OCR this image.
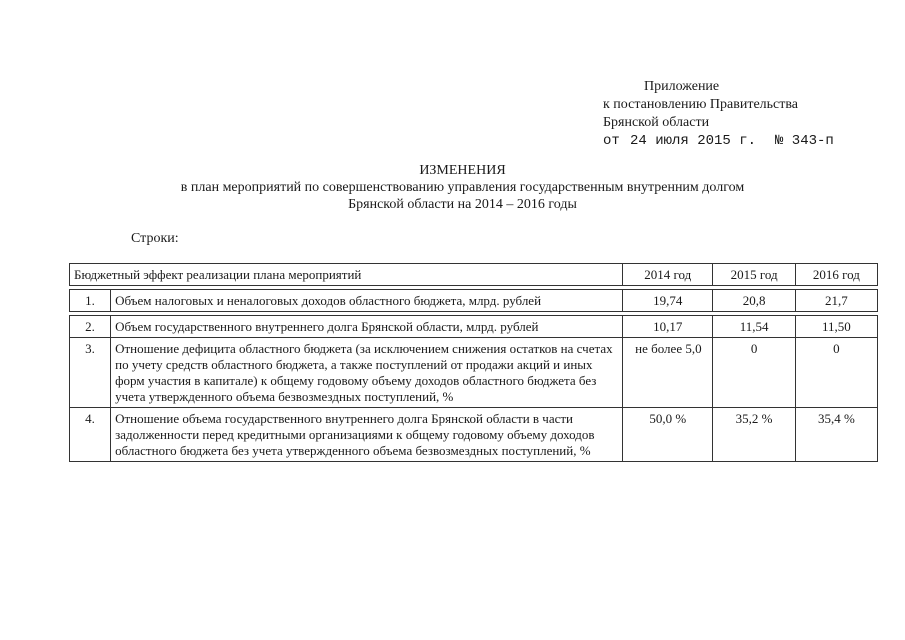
Приложение
к постановлению Правительства
Брянской области
от 24 июля 2015 г. № 343-п
ИЗМЕНЕНИЯ
в план мероприятий по совершенствованию управления государственным внутренним долгом
Брянской области на 2014 – 2016 годы
Строки:
Бюджетный эффект реализации плана мероприятий		2014 год	2015 год	2016 год

1.	Объем налоговых и неналоговых доходов областного бюджета, млрд. рублей	19,74	20,8	21,7

2.	Объем государственного внутреннего долга Брянской области, млрд. рублей	10,17	11,54	11,50
3.	Отношение дефицита областного бюджета (за исключением снижения остатков на счетах по учету средств областного бюджета, а также поступлений от продажи акций и иных форм участия в капитале) к общему годовому объему доходов областного бюджета без учета утвержденного объема безвозмездных поступлений, %	не более 5,0	0	0
4.	Отношение объема государственного внутреннего долга Брянской области в части задолженности перед кредитными организациями к общему годовому объему доходов областного бюджета без учета утвержденного объема безвозмездных поступлений, %	50,0 %	35,2 %	35,4 %
